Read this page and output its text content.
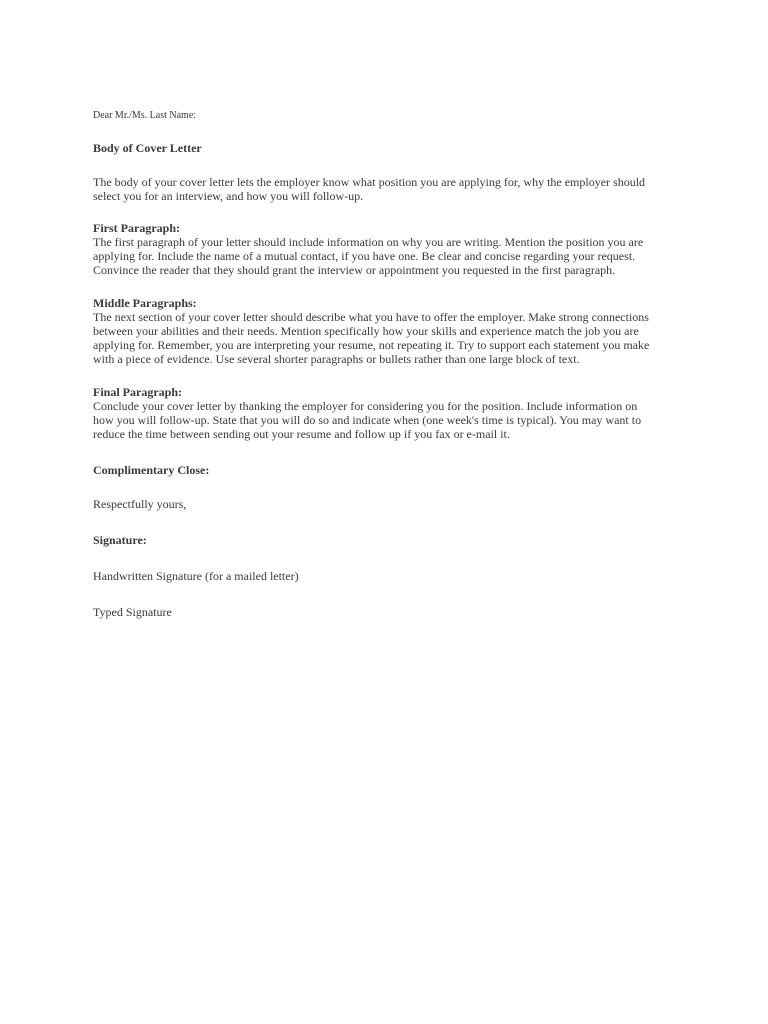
Dear Mr./Ms. Last Name:

Body of Cover Letter

The body of your cover letter lets the employer know what position you are applying for, why the employer should select you for an interview, and how you will follow-up.

First Paragraph:

The first paragraph of your letter should include information on why you are writing. Mention the position you are applying for. Include the name of a mutual contact, if you have one. Be clear and concise regarding your request. Convince the reader that they should grant the interview or appointment you requested in the first paragraph.

Middle Paragraphs:

The next section of your cover letter should describe what you have to offer the employer. Make strong connections between your abilities and their needs. Mention specifically how your skills and experience match the job you are applying for. Remember, you are interpreting your resume, not repeating it. Try to support each statement you make with a piece of evidence. Use several shorter paragraphs or bullets rather than one large block of text.

Final Paragraph:

Conclude your cover letter by thanking the employer for considering you for the position. Include information on how you will follow-up. State that you will do so and indicate when (one week's time is typical). You may want to reduce the time between sending out your resume and follow up if you fax or e-mail it.

Complimentary Close:

Respectfully yours,

Signature:

Handwritten Signature (for a mailed letter)

Typed Signature
